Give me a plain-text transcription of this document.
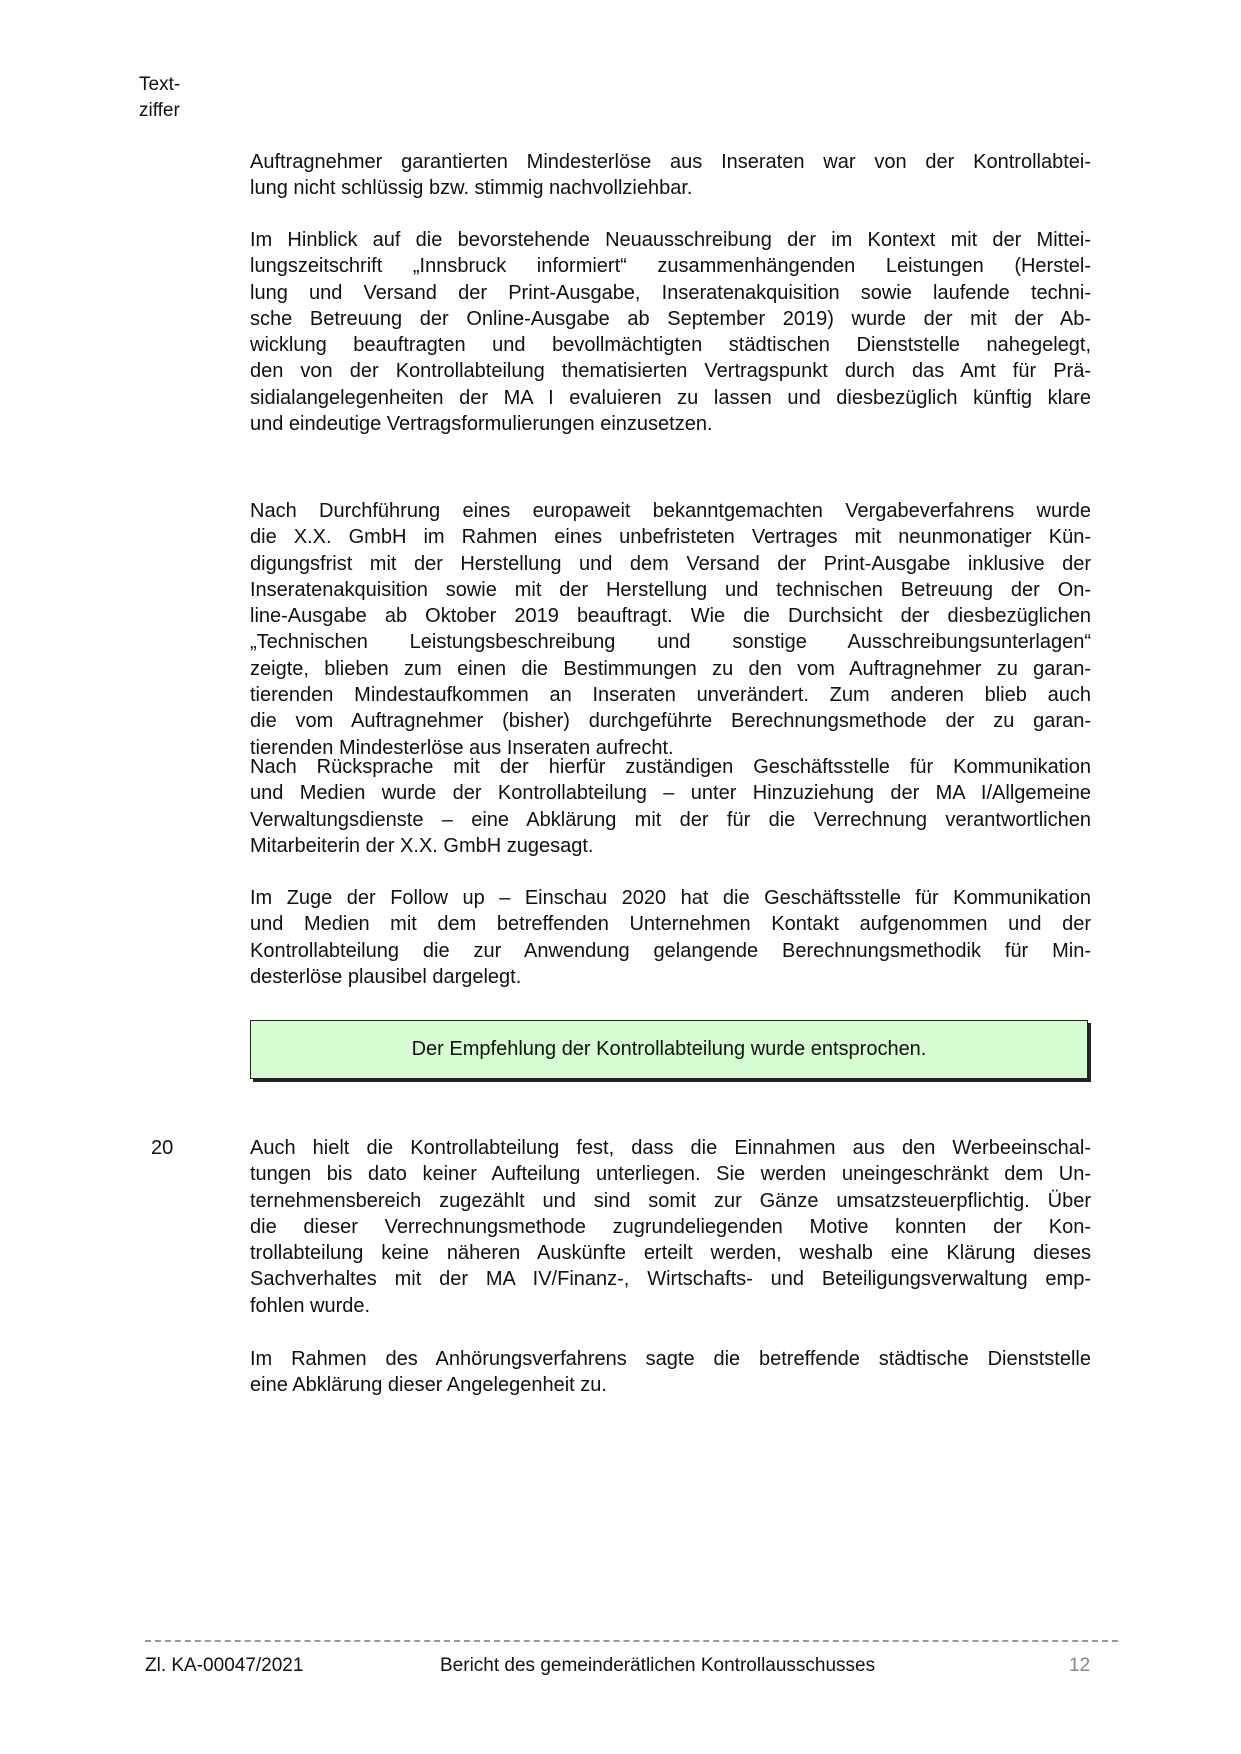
Text-
ziffer
Auftragnehmer garantierten Mindesterlöse aus Inseraten war von der Kontrollabtei-
lung nicht schlüssig bzw. stimmig nachvollziehbar.
Im Hinblick auf die bevorstehende Neuausschreibung der im Kontext mit der Mittei-
lungszeitschrift „Innsbruck informiert“ zusammenhängenden Leistungen (Herstel-
lung und Versand der Print-Ausgabe, Inseratenakquisition sowie laufende techni-
sche Betreuung der Online-Ausgabe ab September 2019) wurde der mit der Ab-
wicklung beauftragten und bevollmächtigten städtischen Dienststelle nahegelegt,
den von der Kontrollabteilung thematisierten Vertragspunkt durch das Amt für Prä-
sidialangelegenheiten der MA I evaluieren zu lassen und diesbezüglich künftig klare
und eindeutige Vertragsformulierungen einzusetzen.
Nach Durchführung eines europaweit bekanntgemachten Vergabeverfahrens wurde
die X.X. GmbH im Rahmen eines unbefristeten Vertrages mit neunmonatiger Kün-
digungsfrist mit der Herstellung und dem Versand der Print-Ausgabe inklusive der
Inseratenakquisition sowie mit der Herstellung und technischen Betreuung der On-
line-Ausgabe ab Oktober 2019 beauftragt. Wie die Durchsicht der diesbezüglichen
„Technischen Leistungsbeschreibung und sonstige Ausschreibungsunterlagen“
zeigte, blieben zum einen die Bestimmungen zu den vom Auftragnehmer zu garan-
tierenden Mindestaufkommen an Inseraten unverändert. Zum anderen blieb auch
die vom Auftragnehmer (bisher) durchgeführte Berechnungsmethode der zu garan-
tierenden Mindesterlöse aus Inseraten aufrecht.
Nach Rücksprache mit der hierfür zuständigen Geschäftsstelle für Kommunikation
und Medien wurde der Kontrollabteilung – unter Hinzuziehung der MA I/Allgemeine
Verwaltungsdienste – eine Abklärung mit der für die Verrechnung verantwortlichen
Mitarbeiterin der X.X. GmbH zugesagt.
Im Zuge der Follow up – Einschau 2020 hat die Geschäftsstelle für Kommunikation
und Medien mit dem betreffenden Unternehmen Kontakt aufgenommen und der
Kontrollabteilung die zur Anwendung gelangende Berechnungsmethodik für Min-
desterlöse plausibel dargelegt.
Der Empfehlung der Kontrollabteilung wurde entsprochen.
20	Auch hielt die Kontrollabteilung fest, dass die Einnahmen aus den Werbeeinschal-
tungen bis dato keiner Aufteilung unterliegen. Sie werden uneingeschränkt dem Un-
ternehmensbereich zugezählt und sind somit zur Gänze umsatzsteuerpflichtig. Über
die dieser Verrechnungsmethode zugrundeliegenden Motive konnten der Kon-
trollabteilung keine näheren Auskünfte erteilt werden, weshalb eine Klärung dieses
Sachverhaltes mit der MA IV/Finanz-, Wirtschafts- und Beteiligungsverwaltung emp-
fohlen wurde.
Im Rahmen des Anhörungsverfahrens sagte die betreffende städtische Dienststelle
eine Abklärung dieser Angelegenheit zu.
Zl. KA-00047/2021	Bericht des gemeinderätlichen Kontrollausschusses	12
